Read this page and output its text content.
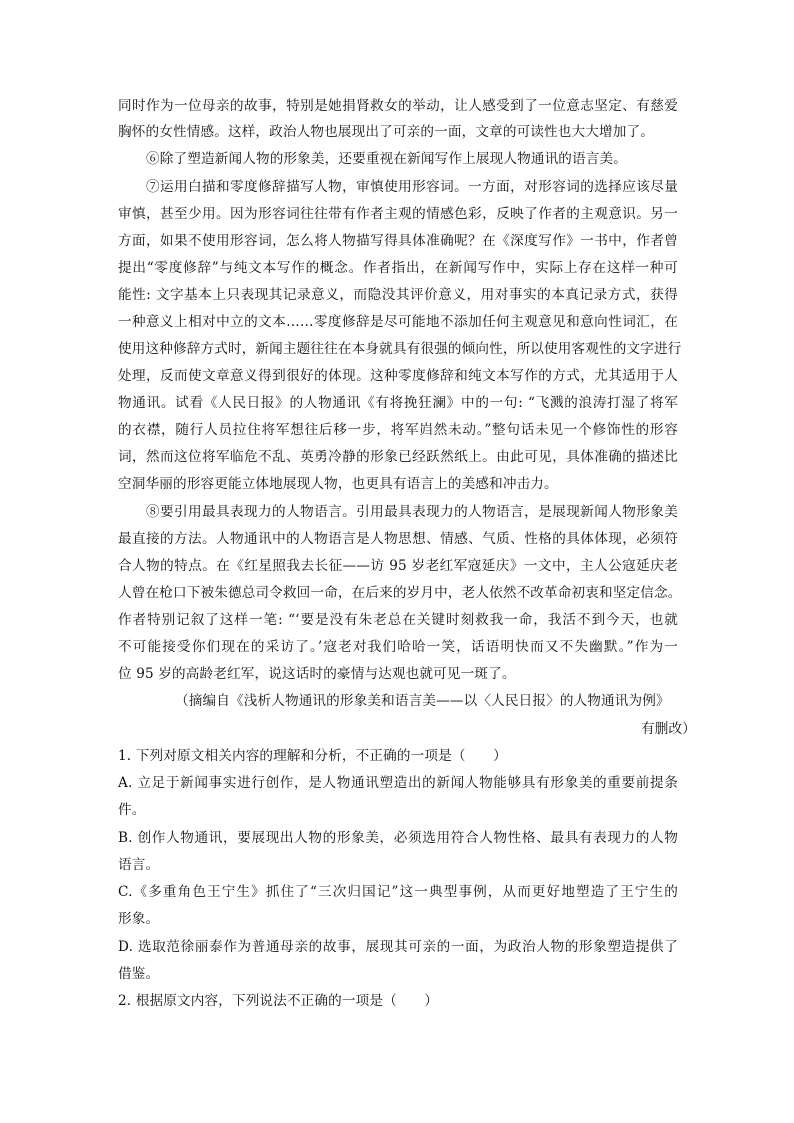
同时作为一位母亲的故事，特别是她捐肾救女的举动，让人感受到了一位意志坚定、有慈爱
胸怀的女性情感。这样，政治人物也展现出了可亲的一面，文章的可读性也大大增加了。
⑥除了塑造新闻人物的形象美，还要重视在新闻写作上展现人物通讯的语言美。
⑦运用白描和零度修辞描写人物，审慎使用形容词。一方面，对形容词的选择应该尽量
审慎，甚至少用。因为形容词往往带有作者主观的情感色彩，反映了作者的主观意识。另一
方面，如果不使用形容词，怎么将人物描写得具体准确呢？在《深度写作》一书中，作者曾
提出“零度修辞”与纯文本写作的概念。作者指出，在新闻写作中，实际上存在这样一种可
能性: 文字基本上只表现其记录意义，而隐没其评价意义，用对事实的本真记录方式，获得
一种意义上相对中立的文本……零度修辞是尽可能地不添加任何主观意见和意向性词汇，在
使用这种修辞方式时，新闻主题往往在本身就具有很强的倾向性，所以使用客观性的文字进行
处理，反而使文章意义得到很好的体现。这种零度修辞和纯文本写作的方式，尤其适用于人
物通讯。试看《人民日报》的人物通讯《有将挽狂澜》中的一句: “飞溅的浪涛打湿了将军
的衣襟，随行人员拉住将军想往后移一步，将军岿然未动。”整句话未见一个修饰性的形容
词，然而这位将军临危不乱、英勇冷静的形象已经跃然纸上。由此可见，具体准确的描述比
空洞华丽的形容更能立体地展现人物，也更具有语言上的美感和冲击力。
⑧要引用最具表现力的人物语言。引用最具表现力的人物语言，是展现新闻人物形象美
最直接的方法。人物通讯中的人物语言是人物思想、情感、气质、性格的具体体现，必须符
合人物的特点。在《红星照我去长征——访 95 岁老红军寇延庆》一文中，主人公寇延庆老
人曾在枪口下被朱德总司令救回一命，在后来的岁月中，老人依然不改革命初衷和坚定信念。
作者特别记叙了这样一笔: “‘要是没有朱老总在关键时刻救我一命，我活不到今天，也就
不可能接受你们现在的采访了。’寇老对我们哈哈一笑，话语明快而又不失幽默。”作为一
位 95 岁的高龄老红军，说这话时的豪情与达观也就可见一斑了。
（摘编自《浅析人物通讯的形象美和语言美——以〈人民日报〉的人物通讯为例》
有删改）
1. 下列对原文相关内容的理解和分析，不正确的一项是（　　）
A. 立足于新闻事实进行创作，是人物通讯塑造出的新闻人物能够具有形象美的重要前提条
件。
B. 创作人物通讯，要展现出人物的形象美，必须选用符合人物性格、最具有表现力的人物
语言。
C.《多重角色王宁生》抓住了“三次归国记”这一典型事例，从而更好地塑造了王宁生的
形象。
D. 选取范徐丽泰作为普通母亲的故事，展现其可亲的一面，为政治人物的形象塑造提供了
借鉴。
2. 根据原文内容，下列说法不正确的一项是（　　）
